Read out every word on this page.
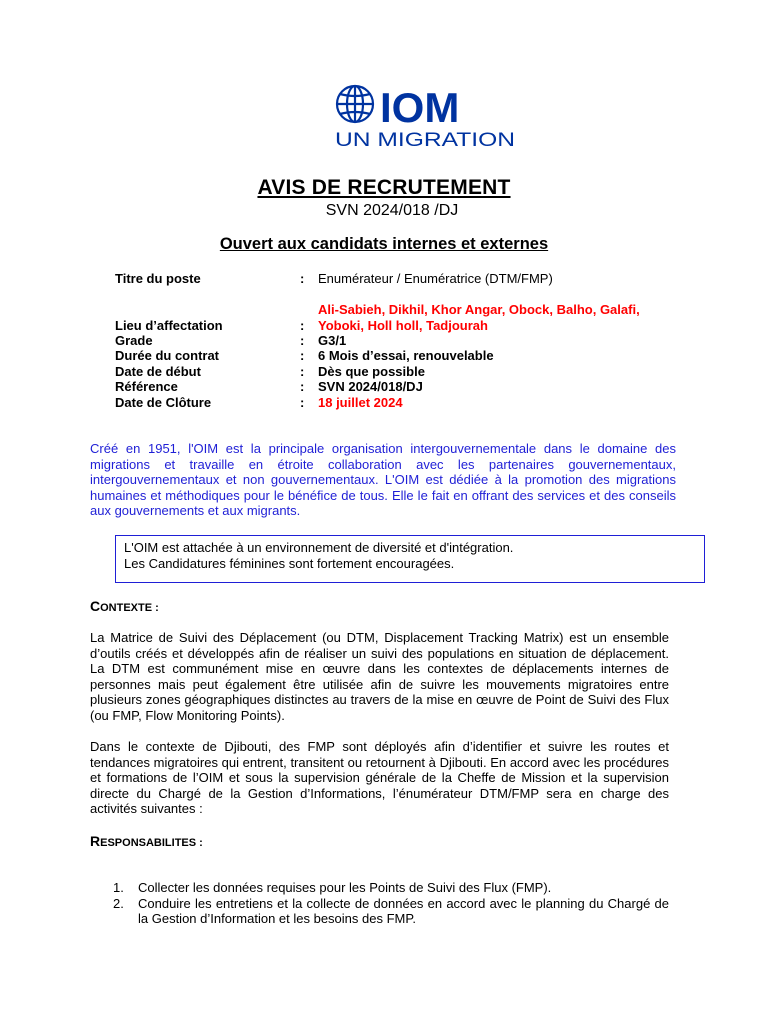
IOM
UN MIGRATION
AVIS DE RECRUTEMENT
SVN 2024/018 /DJ
Ouvert aux candidats internes et externes
Titre du poste	: Enumérateur / Enumératrice (DTM/FMP)
Ali-Sabieh, Dikhil, Khor Angar, Obock, Balho, Galafi,
Lieu d’affectation	: Yoboki, Holl holl, Tadjourah
Grade	: G3/1
Durée du contrat	: 6 Mois d’essai, renouvelable
Date de début	: Dès que possible
Référence	: SVN 2024/018/DJ
Date de Clôture	: 18 juillet 2024
Créé en 1951, l'OIM est la principale organisation intergouvernementale dans le domaine des migrations et travaille en étroite collaboration avec les partenaires gouvernementaux, intergouvernementaux et non gouvernementaux. L'OIM est dédiée à la promotion des migrations humaines et méthodiques pour le bénéfice de tous. Elle le fait en offrant des services et des conseils aux gouvernements et aux migrants.
L'OIM est attachée à un environnement de diversité et d'intégration.
Les Candidatures féminines sont fortement encouragées.
CONTEXTE :
La Matrice de Suivi des Déplacement (ou DTM, Displacement Tracking Matrix) est un ensemble d’outils créés et développés afin de réaliser un suivi des populations en situation de déplacement. La DTM est communément mise en œuvre dans les contextes de déplacements internes de personnes mais peut également être utilisée afin de suivre les mouvements migratoires entre plusieurs zones géographiques distinctes au travers de la mise en œuvre de Point de Suivi des Flux (ou FMP, Flow Monitoring Points).
Dans le contexte de Djibouti, des FMP sont déployés afin d’identifier et suivre les routes et tendances migratoires qui entrent, transitent ou retournent à Djibouti. En accord avec les procédures et formations de l’OIM et sous la supervision générale de la Cheffe de Mission et la supervision directe du Chargé de la Gestion d’Informations, l’énumérateur DTM/FMP sera en charge des activités suivantes :
RESPONSABILITES :
1. Collecter les données requises pour les Points de Suivi des Flux (FMP).
2. Conduire les entretiens et la collecte de données en accord avec le planning du Chargé de la Gestion d’Information et les besoins des FMP.
